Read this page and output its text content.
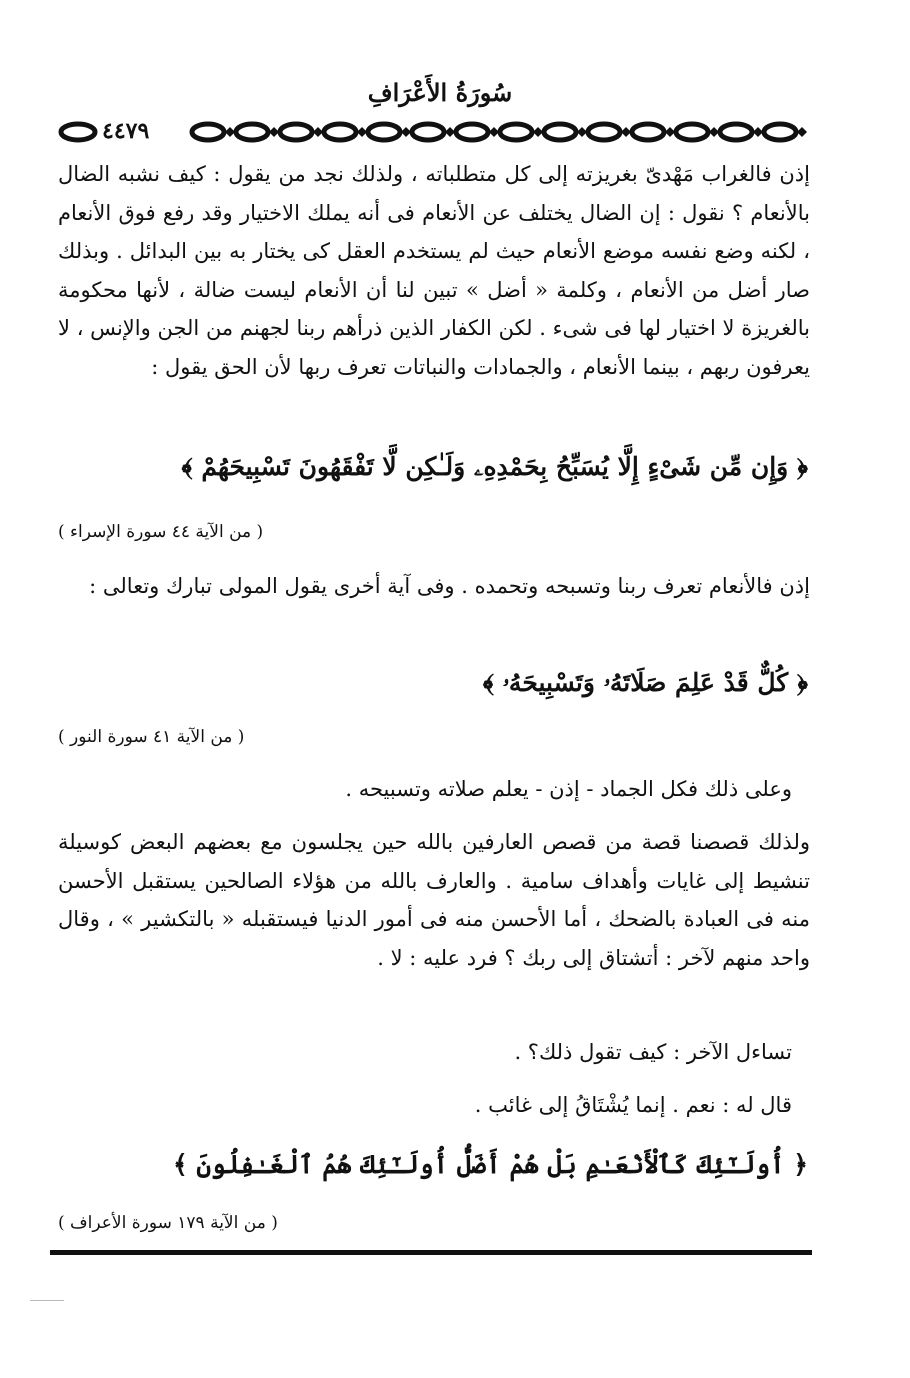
سُورَةُ الأَعْرَافِ
٤٤٧٩
إذن فالغراب مَهْدىّ بغريزته إلى كل متطلباته ، ولذلك نجد من يقول : كيف نشبه الضال بالأنعام ؟ نقول : إن الضال يختلف عن الأنعام فى أنه يملك الاختيار وقد رفع فوق الأنعام ، لكنه وضع نفسه موضع الأنعام حيث لم يستخدم العقل كى يختار به بين البدائل . وبذلك صار أضل من الأنعام ، وكلمة « أضل » تبين لنا أن الأنعام ليست ضالة ، لأنها محكومة بالغريزة لا اختيار لها فى شىء . لكن الكفار الذين ذرأهم ربنا لجهنم من الجن والإنس ، لا يعرفون ربهم ، بينما الأنعام ، والجمادات والنباتات تعرف ربها لأن الحق يقول :
﴿ وَإِن مِّن شَىْءٍ إِلَّا يُسَبِّحُ بِحَمْدِهِۦ وَلَـٰكِن لَّا تَفْقَهُونَ تَسْبِيحَهُمْ ﴾
( من الآية ٤٤ سورة الإسراء )
إذن فالأنعام تعرف ربنا وتسبحه وتحمده . وفى آية أخرى يقول المولى تبارك وتعالى :
﴿ كُلٌّ قَدْ عَلِمَ صَلَاتَهُۥ وَتَسْبِيحَهُۥ ﴾
( من الآية ٤١ سورة النور )
وعلى ذلك فكل الجماد - إذن - يعلم صلاته وتسبيحه .
ولذلك قصصنا قصة من قصص العارفين بالله حين يجلسون مع بعضهم البعض كوسيلة تنشيط إلى غايات وأهداف سامية . والعارف بالله من هؤلاء الصالحين يستقبل الأحسن منه فى العبادة بالضحك ، أما الأحسن منه فى أمور الدنيا فيستقبله « بالتكشير » ، وقال واحد منهم لآخر : أتشتاق إلى ربك ؟ فرد عليه : لا .
تساءل الآخر : كيف تقول ذلك؟ .
قال له : نعم . إنما يُشْتَاقُ إلى غائب .
﴿ أُولَـٰٓئِكَ كَٱلْأَنْعَـٰمِ بَلْ هُمْ أَضَلُّ أُولَـٰٓئِكَ هُمُ ٱلْغَـٰفِلُونَ ﴾
( من الآية ١٧٩ سورة الأعراف )
